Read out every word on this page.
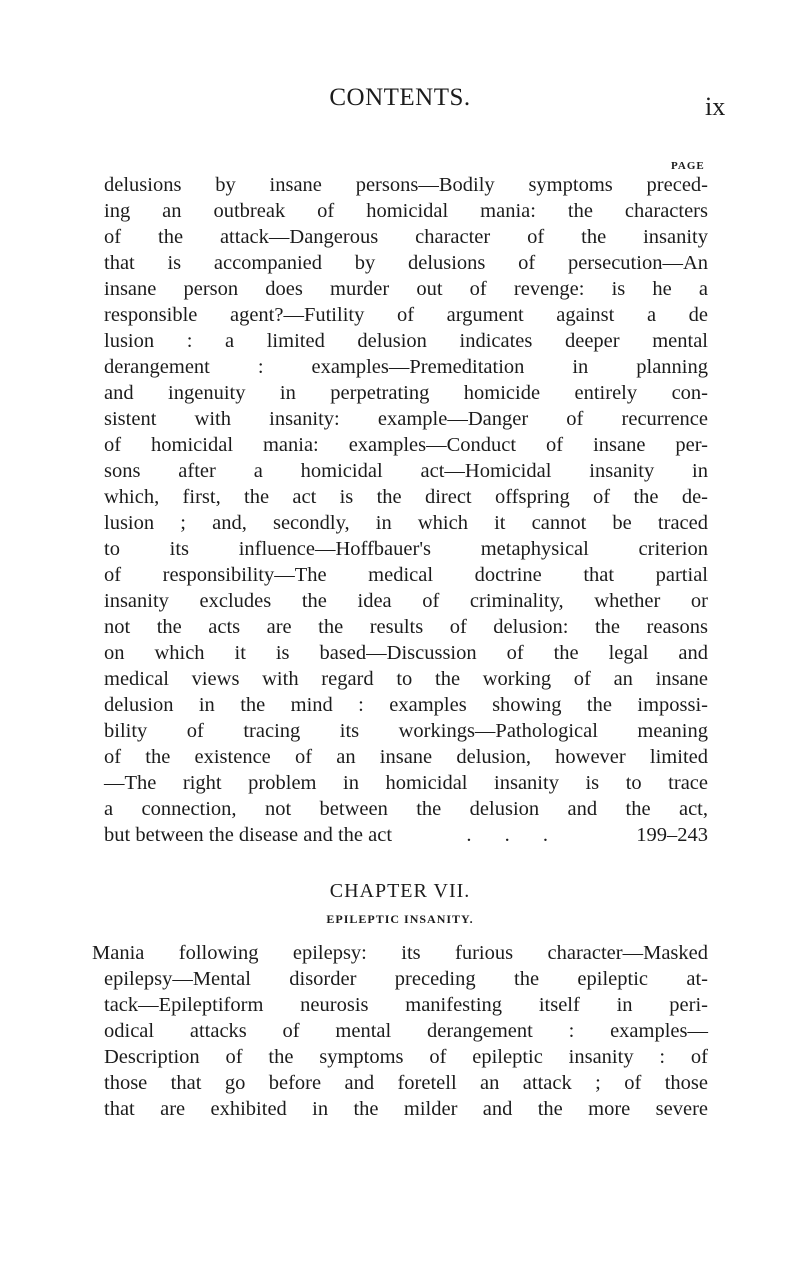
CONTENTS.	ix
PAGE
delusions by insane persons—Bodily symptoms preced-
ing an outbreak of homicidal mania: the characters
of the attack—Dangerous character of the insanity
that is accompanied by delusions of persecution—An
insane person does murder out of revenge: is he a
responsible agent?—Futility of argument against a de
lusion : a limited delusion indicates deeper mental
derangement : examples—Premeditation in planning
and ingenuity in perpetrating homicide entirely con-
sistent with insanity: example—Danger of recurrence
of homicidal mania: examples—Conduct of insane per-
sons after a homicidal act—Homicidal insanity in
which, first, the act is the direct offspring of the de-
lusion ; and, secondly, in which it cannot be traced
to its influence—Hoffbauer's metaphysical criterion
of responsibility—The medical doctrine that partial
insanity excludes the idea of criminality, whether or
not the acts are the results of delusion: the reasons
on which it is based—Discussion of the legal and
medical views with regard to the working of an insane
delusion in the mind : examples showing the impossi-
bility of tracing its workings—Pathological meaning
of the existence of an insane delusion, however limited
—The right problem in homicidal insanity is to trace
a connection, not between the delusion and the act,
but between the disease and the act	. . .	199–243
CHAPTER VII.
EPILEPTIC INSANITY.
Mania following epilepsy: its furious character—Masked
epilepsy—Mental disorder preceding the epileptic at-
tack—Epileptiform neurosis manifesting itself in peri-
odical attacks of mental derangement : examples—
Description of the symptoms of epileptic insanity : of
those that go before and foretell an attack ; of those
that are exhibited in the milder and the more severe
